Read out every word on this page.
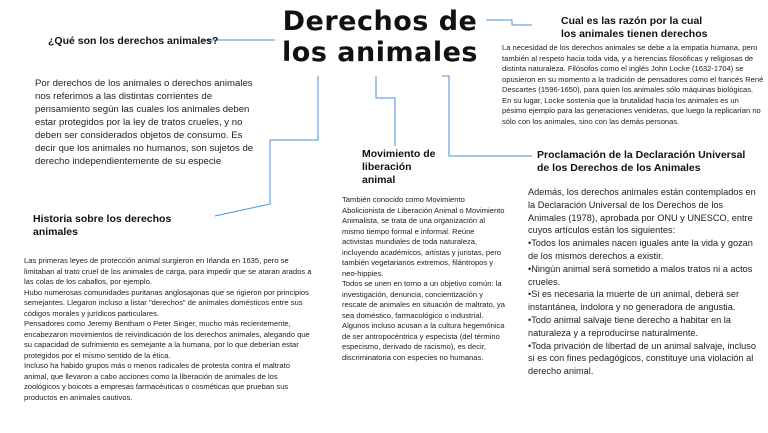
Derechos de
los animales
¿Qué son los derechos animales?
Por derechos de los animales o derechos animales nos referimos a las distintas corrientes de pensamiento según las cuales los animales deben estar protegidos por la ley de tratos crueles, y no deben ser considerados objetos de consumo. Es decir que los animales no humanos, son sujetos de derecho independientemente de su especie
Cual es las razón por la cual
los animales tienen derechos
La necesidad de los derechos animales se debe a la empatía humana, pero también al respeto hacia toda vida, y a herencias filosóficas y religiosas de distinta naturaleza. Filósofos como el inglés John Locke (1632-1704) se opusieron en su momento a la tradición de pensadores como el francés René Descartes (1596-1650), para quien los animales sólo máquinas biológicas.
En su lugar, Locke sostenía que la brutalidad hacia los animales es un pésimo ejemplo para las generaciones venideras, que luego la replicarían no sólo con los animales, sino con las demás personas.
Historia sobre los derechos
animales
Las primeras leyes de protección animal surgieron en Irlanda en 1635, pero se limitaban al trato cruel de los animales de carga, para impedir que se ataran arados a las colas de los caballos, por ejemplo.
Hubo numerosas comunidades puritanas anglosajonas que se rigieron por principios semejantes. Llegaron incluso a listar "derechos" de animales domésticos entre sus códigos morales y jurídicos particulares.
Pensadores como Jeremy Bentham o Peter Singer, mucho más recientemente, encabezaron movimientos de reivindicación de los derechos animales, alegando que su capacidad de sufrimiento es semejante a la humana, por lo que deberían estar protegidos por el mismo sentido de la ética.
Incluso ha habido grupos más o menos radicales de protesta contra el maltrato animal, que llevaron a cabo acciones como la liberación de animales de los zoológicos y boicots a empresas farmacéuticas o cosméticas que prueban sus productos en animales cautivos.
Movimiento de
liberación
animal
También conocido como Movimiento Abolicionista de Liberación Animal o Movimiento Animalista, se trata de una organización al mismo tiempo formal e informal. Reúne activistas mundiales de toda naturaleza, incluyendo académicos, artistas y juristas, pero también vegetarianos extremos, filántropos y neo-hippies.
Todos se unen en torno a un objetivo común: la investigación, denuncia, concientización y rescate de animales en situación de maltrato, ya sea doméstico, farmacológico o industrial. Algunos incluso acusan a la cultura hegemónica de ser antropocéntrica y especista (del término especismo, derivado de racismo), es decir, discriminatoria con especies no humanas.
Proclamación de la Declaración Universal
de los Derechos de los Animales
Además, los derechos animales están contemplados en la Declaración Universal de los Derechos de los Animales (1978), aprobada por ONU y UNESCO, entre cuyos artículos están los siguientes:
•Todos los animales nacen iguales ante la vida y gozan de los mismos derechos a existir.
•Ningún animal será sometido a malos tratos ni a actos crueles.
•Si es necesaria la muerte de un animal, deberá ser instantánea, indolora y no generadora de angustia.
•Todo animal salvaje tiene derecho a habitar en la naturaleza y a reproducirse naturalmente.
•Toda privación de libertad de un animal salvaje, incluso si es con fines pedagógicos, constituye una violación al derecho animal.
